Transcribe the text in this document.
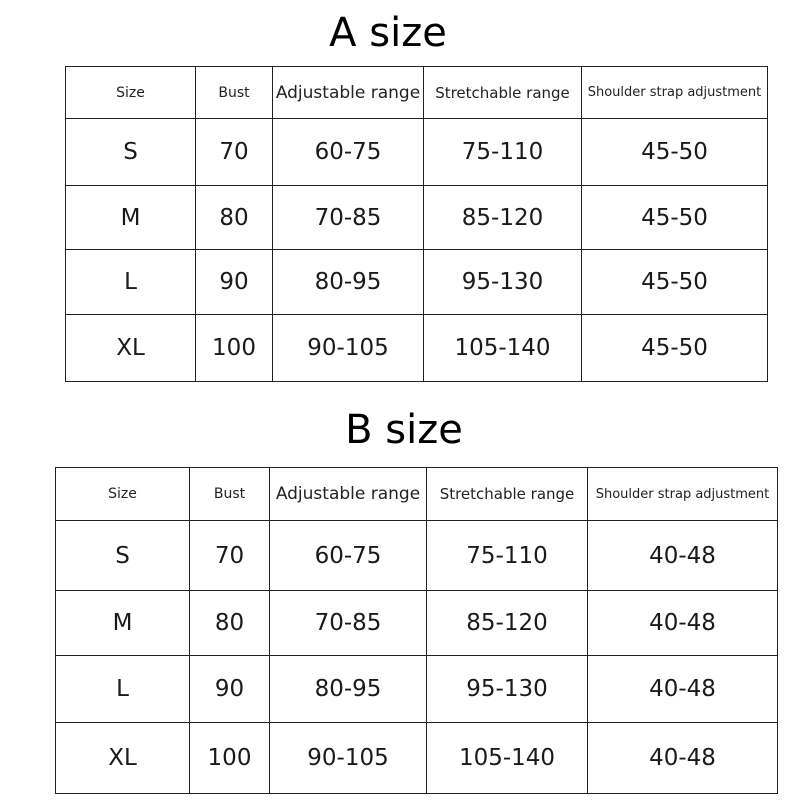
A size
Size	Bust	Adjustable range	Stretchable range	Shoulder strap adjustment
S	70	60-75	75-110	45-50
M	80	70-85	85-120	45-50
L	90	80-95	95-130	45-50
XL	100	90-105	105-140	45-50
B size
Size	Bust	Adjustable range	Stretchable range	Shoulder strap adjustment
S	70	60-75	75-110	40-48
M	80	70-85	85-120	40-48
L	90	80-95	95-130	40-48
XL	100	90-105	105-140	40-48
